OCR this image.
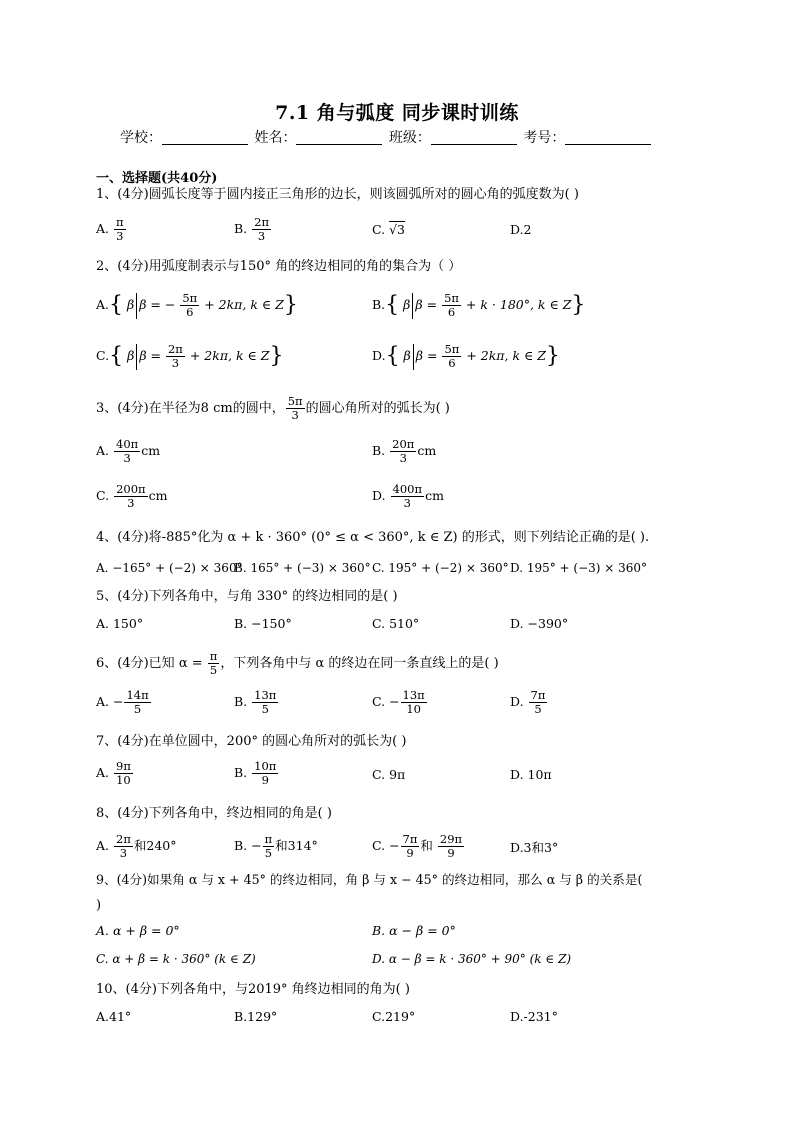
7.1 角与弧度 同步课时训练
学校：	姓名：	班级：	考号：
一、选择题(共40分)
1、(4分)圆弧长度等于圆内接正三角形的边长，则该圆弧所对的圆心角的弧度数为( )
A. $\frac{\pi}{3}$	B. $\frac{2\pi}{3}$	C. √3	D.2
2、(4分)用弧度制表示与150° 角的终边相同的角的集合为（ ）
A.{ β β = − $\frac{5\pi}{6} + 2k\pi$, k ∈ Z}	B.{ β $\beta = \frac{5\pi}{6} + k \cdot 180^\circ$, k ∈ Z}
C.{ β $\beta = \frac{2\pi}{3} + 2k\pi$, k ∈ Z}	D.{ β $\beta = \frac{5\pi}{6} + 2k\pi$, k ∈ Z}
3、(4分)在半径为8 cm的圆中， $\frac{5\pi}{3}$ 的圆心角所对的弧长为( )
A. $\frac{40\pi}{3}$ cm	B. $\frac{20\pi}{3}$ cm
C. $\frac{200\pi}{3}$ cm	D. $\frac{400\pi}{3}$ cm
4、(4分)将-885°化为 α + k · 360° (0° ≤ α < 360°, k ∈ Z) 的形式，则下列结论正确的是( ).
A. −165° + (−2) × 360°
B. 165° + (−3) × 360° C. 195° + (−2) × 360° D. 195° + (−3) × 360°
5、(4分)下列各角中，与角 330° 的终边相同的是( )
A. 150°	B. −150°	C. 510°	D. −390°
6、(4分)已知 $\alpha = \frac{\pi}{5}$ ，下列各角中与 α 的终边在同一条直线上的是( )
A. − $\frac{14\pi}{5}$	B. $\frac{13\pi}{5}$	C. − $\frac{13\pi}{10}$	D. $\frac{7\pi}{5}$
7、(4分)在单位圆中，200° 的圆心角所对的弧长为( )
A. $\frac{9\pi}{10}$	B. $\frac{10\pi}{9}$	C. 9π	D. 10π
8、(4分)下列各角中，终边相同的角是( )
A. $\frac{2\pi}{3}$ 和240°	B. − $\frac{\pi}{5}$ 和314°	C. − $\frac{7\pi}{9}$ 和 $\frac{29\pi}{9}$	D.3和3°
9、(4分)如果角 α 与 x + 45° 的终边相同，角 β 与 x − 45° 的终边相同，那么 α 与 β 的关系是(
)
A. α + β = 0°	B. α − β = 0°
C. α + β = k · 360° (k ∈ Z)	D. α − β = k · 360° + 90° (k ∈ Z)
10、(4分)下列各角中，与2019° 角终边相同的角为( )
A.41°	B.129°	C.219°	D.-231°
